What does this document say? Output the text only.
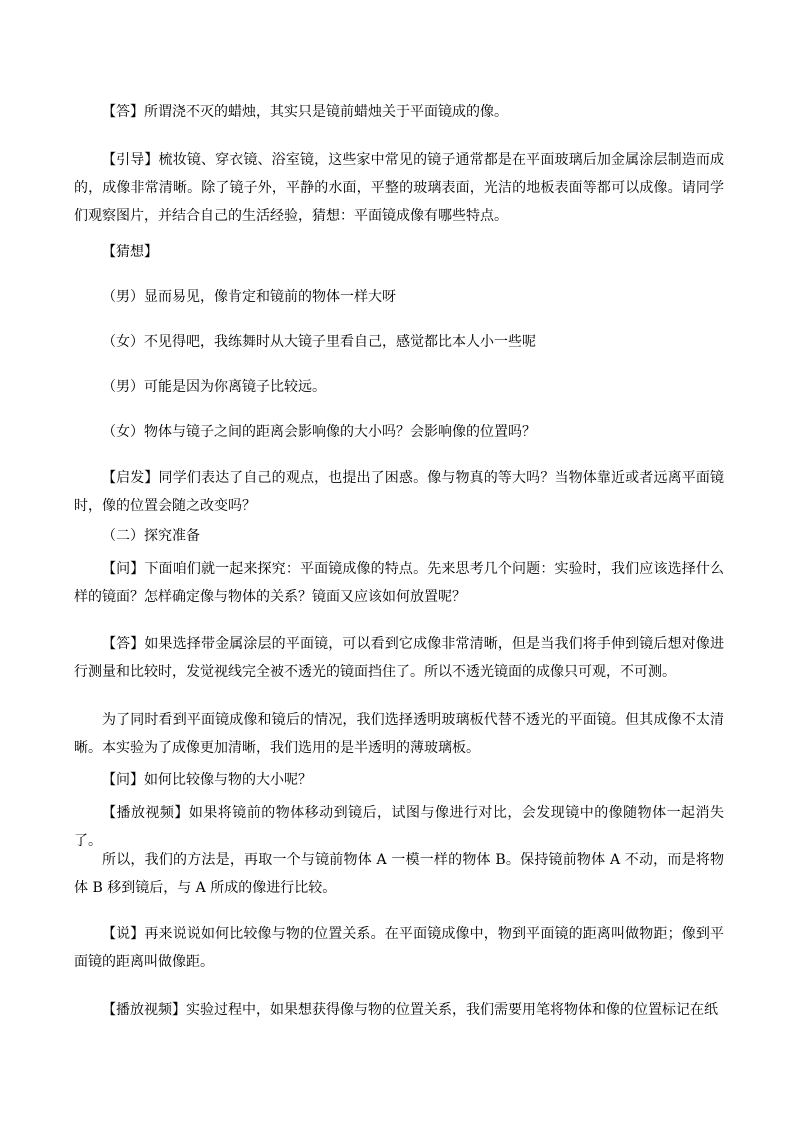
【答】所谓浇不灭的蜡烛，其实只是镜前蜡烛关于平面镜成的像。

【引导】梳妆镜、穿衣镜、浴室镜，这些家中常见的镜子通常都是在平面玻璃后加金属涂层制造而成的，成像非常清晰。除了镜子外，平静的水面，平整的玻璃表面，光洁的地板表面等都可以成像。请同学们观察图片，并结合自己的生活经验，猜想：平面镜成像有哪些特点。

【猜想】

（男）显而易见，像肯定和镜前的物体一样大呀

（女）不见得吧，我练舞时从大镜子里看自己，感觉都比本人小一些呢

（男）可能是因为你离镜子比较远。

（女）物体与镜子之间的距离会影响像的大小吗？会影响像的位置吗？

【启发】同学们表达了自己的观点，也提出了困惑。像与物真的等大吗？当物体靠近或者远离平面镜时，像的位置会随之改变吗？

（二）探究准备

【问】下面咱们就一起来探究：平面镜成像的特点。先来思考几个问题：实验时，我们应该选择什么样的镜面？怎样确定像与物体的关系？镜面又应该如何放置呢？

【答】如果选择带金属涂层的平面镜，可以看到它成像非常清晰，但是当我们将手伸到镜后想对像进行测量和比较时，发觉视线完全被不透光的镜面挡住了。所以不透光镜面的成像只可观，不可测。

为了同时看到平面镜成像和镜后的情况，我们选择透明玻璃板代替不透光的平面镜。但其成像不太清晰。本实验为了成像更加清晰，我们选用的是半透明的薄玻璃板。

【问】如何比较像与物的大小呢？

【播放视频】如果将镜前的物体移动到镜后，试图与像进行对比，会发现镜中的像随物体一起消失了。

所以，我们的方法是，再取一个与镜前物体 A 一模一样的物体 B。保持镜前物体 A 不动，而是将物体 B 移到镜后，与 A 所成的像进行比较。

【说】再来说说如何比较像与物的位置关系。在平面镜成像中，物到平面镜的距离叫做物距；像到平面镜的距离叫做像距。

【播放视频】实验过程中，如果想获得像与物的位置关系，我们需要用笔将物体和像的位置标记在纸
